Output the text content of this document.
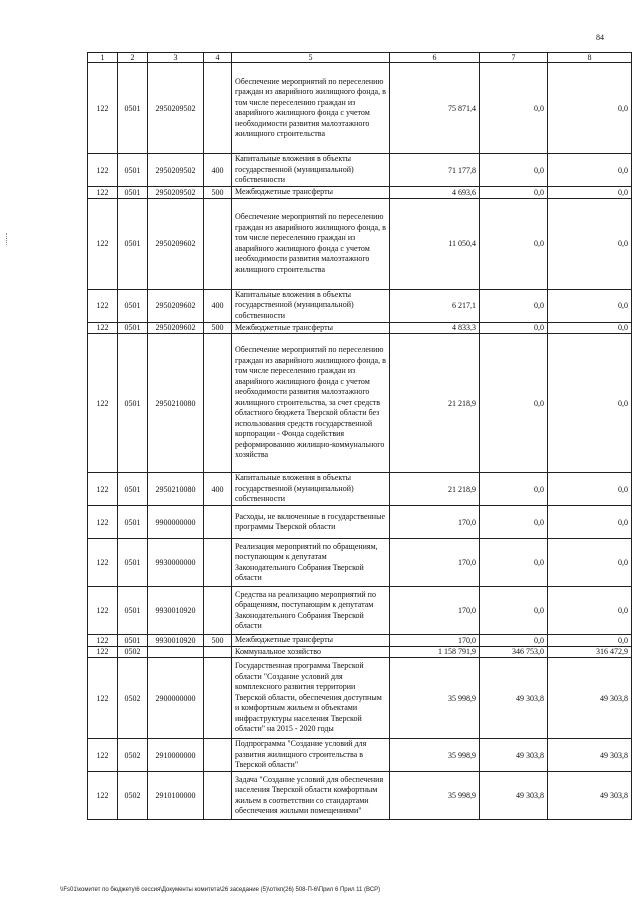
84
1	2	3	4	5	6	7	8
122	0501	2950209502		Обеспечение мероприятий по переселению граждан из аварийного жилищного фонда, в том числе переселению граждан из аварийного жилищного фонда с учетом необходимости развития малоэтажного жилищного строительства	75 871,4	0,0	0,0
122	0501	2950209502	400	Капитальные вложения в объекты государственной (муниципальной) собственности	71 177,8	0,0	0,0
122	0501	2950209502	500	Межбюджетные трансферты	4 693,6	0,0	0,0
122	0501	2950209602		Обеспечение мероприятий по переселению граждан из аварийного жилищного фонда, в том числе переселению граждан из аварийного жилищного фонда с учетом необходимости развития малоэтажного жилищного строительства	11 050,4	0,0	0,0
122	0501	2950209602	400	Капитальные вложения в объекты государственной (муниципальной) собственности	6 217,1	0,0	0,0
122	0501	2950209602	500	Межбюджетные трансферты	4 833,3	0,0	0,0
122	0501	2950210080		Обеспечение мероприятий по переселению граждан из аварийного жилищного фонда, в том числе переселению граждан из аварийного жилищного фонда с учетом необходимости развития малоэтажного жилищного строительства, за счет средств областного бюджета Тверской области без использования средств государственной корпорации - Фонда содействия реформированию жилищно-коммунального хозяйства	21 218,9	0,0	0,0
122	0501	2950210080	400	Капитальные вложения в объекты государственной (муниципальной) собственности	21 218,9	0,0	0,0
122	0501	9900000000		Расходы, не включенные в государственные программы Тверской области	170,0	0,0	0,0
122	0501	9930000000		Реализация мероприятий по обращениям, поступающим к депутатам Законодательного Собрания Тверской области	170,0	0,0	0,0
122	0501	9930010920		Средства на реализацию мероприятий по обращениям, поступающим к депутатам Законодательного Собрания Тверской области	170,0	0,0	0,0
122	0501	9930010920	500	Межбюджетные трансферты	170,0	0,0	0,0
122	0502			Коммунальное хозяйство	1 158 791,9	346 753,0	316 472,9
122	0502	2900000000		Государственная программа Тверской области "Создание условий для комплексного развития территории Тверской области, обеспечения доступным и комфортным жильем и объектами инфраструктуры населения Тверской области" на 2015 - 2020 годы	35 998,9	49 303,8	49 303,8
122	0502	2910000000		Подпрограмма "Создание условий для развития жилищного строительства в Тверской области"	35 998,9	49 303,8	49 303,8
122	0502	2910100000		Задача "Создание условий для обеспечения населения Тверской области комфортным жильем в соответствии со стандартами обеспечения жилыми помещениями"	35 998,9	49 303,8	49 303,8
\\Fs01\комитет по бюджету\6 сессия\Документы комитета\26 заседание (5)\от\кп(26) 508-П-6\Прил 6 Прил 11 (ВСР)
